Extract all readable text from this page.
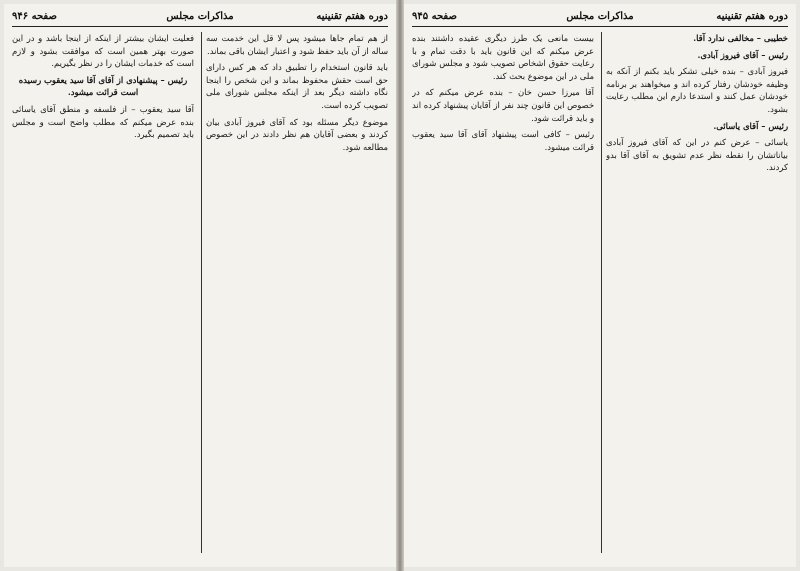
دوره هفتم تقنینیه
مذاکرات مجلس
صفحه ۹۴۶

از هم تمام جاها میشود پس لا قل این خدمت سه ساله از آن باید حفظ شود و اعتبار ایشان باقی بماند.

باید قانون استخدام را تطبیق داد که هر کس دارای حق است حقش محفوظ بماند و این شخص را اینجا نگاه داشته دیگر بعد از اینکه مجلس شورای ملی تصویب کرده است.

موضوع دیگر مسئله بود که آقای فیروز آبادی بیان کردند و بعضی آقایان هم نظر دادند در این خصوص مطالعه شود.

فعلیت ایشان بیشتر از اینکه از اینجا باشد و در این صورت بهتر همین است که موافقت بشود و لازم است که خدمات ایشان را در نظر بگیریم.

رئیس – پیشنهادی از آقای آقا سید یعقوب رسیده است قرائت میشود.

آقا سید یعقوب – از فلسفه و منطق آقای یاسائی بنده عرض میکنم که مطلب واضح است و مجلس باید تصمیم بگیرد.

دوره هفتم تقنینیه
مذاکرات مجلس
صفحه ۹۴۵

خطیبی – مخالفی ندارد آقا.

رئیس – آقای فیروز آبادی.

فیروز آبادی – بنده خیلی تشکر باید بکنم از آنکه به وظیفه خودشان رفتار کرده اند و میخواهند بر برنامه خودشان عمل کنند و استدعا دارم این مطلب رعایت بشود.

رئیس – آقای یاسائی.

یاسائی – عرض کنم در این که آقای فیروز آبادی بیاناتشان را نقطه نظر عدم تشویق به آقای آقا بدو کردند.

بیست مانعی یک طرز دیگری عقیده داشتند بنده عرض میکنم که این قانون باید با دقت تمام و با رعایت حقوق اشخاص تصویب شود و مجلس شورای ملی در این موضوع بحث کند.

آقا میرزا حسن خان – بنده عرض میکنم که در خصوص این قانون چند نفر از آقایان پیشنهاد کرده اند و باید قرائت شود.

رئیس – کافی است پیشنهاد آقای آقا سید یعقوب قرائت میشود.
